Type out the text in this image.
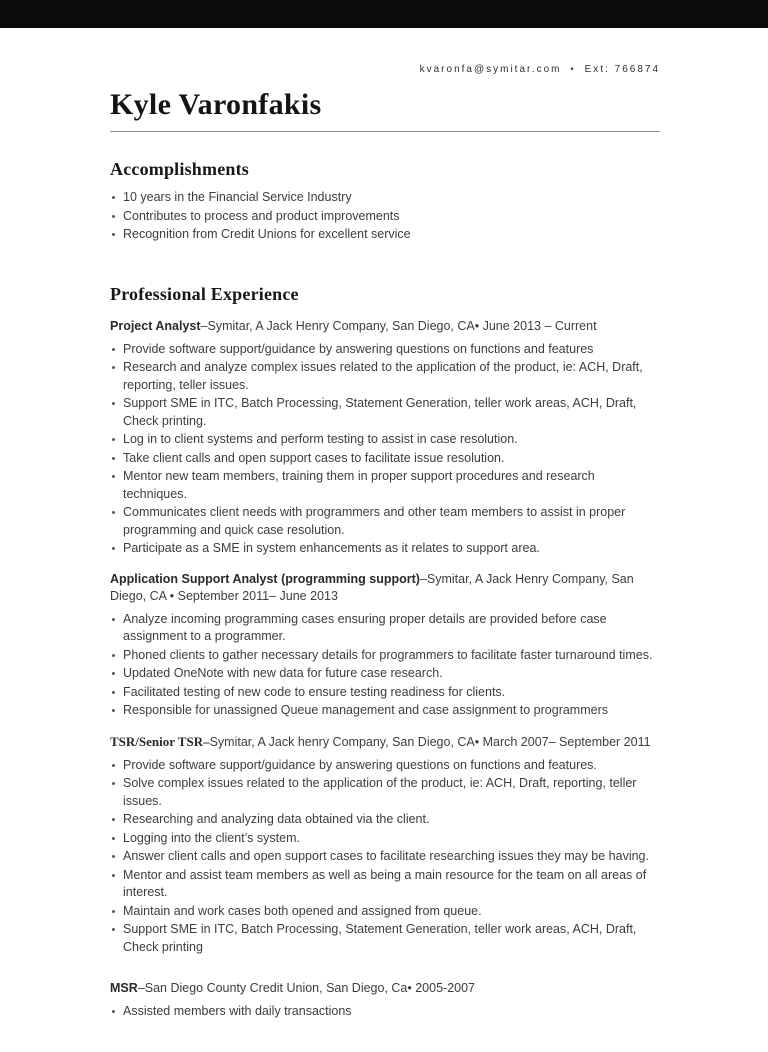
kvaronfa@symitar.com • Ext: 766874
Kyle Varonfakis
Accomplishments
10 years in the Financial Service Industry
Contributes to process and product improvements
Recognition from Credit Unions for excellent service
Professional Experience

Project Analyst–Symitar, A Jack Henry Company, San Diego, CA• June 2013 – Current

Provide software support/guidance by answering questions on functions and features
Research and analyze complex issues related to the application of the product, ie: ACH, Draft, reporting, teller issues.
Support SME in ITC, Batch Processing, Statement Generation, teller work areas, ACH, Draft, Check printing.
Log in to client systems and perform testing to assist in case resolution.
Take client calls and open support cases to facilitate issue resolution.
Mentor new team members, training them in proper support procedures and research techniques.
Communicates client needs with programmers and other team members to assist in proper programming and quick case resolution.
Participate as a SME in system enhancements as it relates to support area.

Application Support Analyst (programming support)–Symitar, A Jack Henry Company, San Diego, CA • September 2011– June 2013

Analyze incoming programming cases ensuring proper details are provided before case assignment to a programmer.
Phoned clients to gather necessary details for programmers to facilitate faster turnaround times.
Updated OneNote with new data for future case research.
Facilitated testing of new code to ensure testing readiness for clients.
Responsible for unassigned Queue management and case assignment to programmers

TSR/Senior TSR–Symitar, A Jack henry Company, San Diego, CA• March 2007– September 2011

Provide software support/guidance by answering questions on functions and features.
Solve complex issues related to the application of the product, ie: ACH, Draft, reporting, teller issues.
Researching and analyzing data obtained via the client.
Logging into the client’s system.
Answer client calls and open support cases to facilitate researching issues they may be having.
Mentor and assist team members as well as being a main resource for the team on all areas of interest.
Maintain and work cases both opened and assigned from queue.
Support SME in ITC, Batch Processing, Statement Generation, teller work areas, ACH, Draft, Check printing

MSR–San Diego County Credit Union, San Diego, Ca• 2005-2007

Assisted members with daily transactions
